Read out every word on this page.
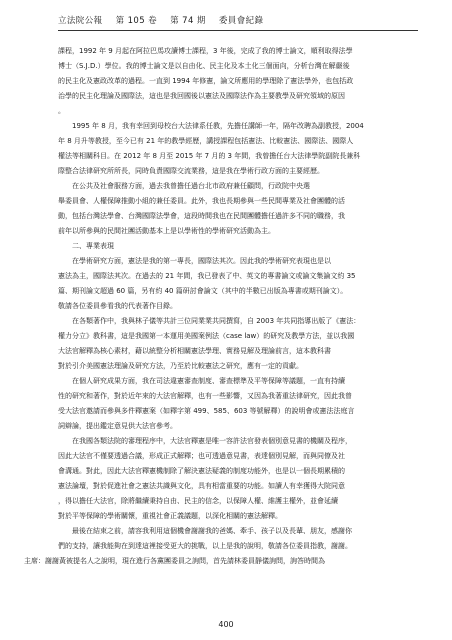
立法院公報 第 105 卷 第 74 期 委員會紀錄
課程，1992 年 9 月起在阿拉巴馬攻讀博士課程，3 年後，完成了我的博士論文，順利取得法學
博士（S.J.D.）學位。我的博士論文是以自由化、民主化及本土化三個面向，分析台灣在解嚴後
的民主化及憲政改革的過程。一直到 1994 年修憲，論文所應用的學理除了憲法學外，也包括政
治學的民主化理論及國際法，這也是我回國後以憲法及國際法作為主要教學及研究領域的原因
。
1995 年 8 月，我有幸回到母校台大法律系任教，先擔任講師一年，隔年改聘為副教授，2004
年 8 月升等教授，至今已有 21 年的教學經歷，講授課程包括憲法、比較憲法、國際法、國際人
權法等相關科目。在 2012 年 8 月至 2015 年 7 月的 3 年間，我曾擔任台大法律學院副院長兼科
際整合法律研究所所長，同時負責國際交流業務，這是我在學術行政方面的主要經歷。
在公共及社會服務方面，過去我曾擔任過台北市政府兼任顧問，行政院中央選
舉委員會、人權保障推動小組的兼任委員。此外，我也長期參與一些民間專業及社會團體的活
動，包括台灣法學會、台灣國際法學會，這段時間我也在民間團體擔任過許多不同的職務，我
前年以所參與的民間社團活動基本上是以學術性的學術研究活動為主。
二、專業表現
在學術研究方面，憲法是我的第一專長，國際法其次。因此我的學術研究表現也是以
憲法為主，國際法其次。在過去的 21 年間，我已發表了中、英文的專書論文或論文集論文約 35
篇、期刊論文超過 60 篇，另有約 40 篇研討會論文（其中的半數已出版為專書或期刊論文）。
敬請各位委員參看我的代表著作目錄。
在各類著作中，我與林子儀等共計三位同業業共同撰寫，自 2003 年共同指導出版了《憲法：
權力分立》教科書，這是我國第一本運用美國案例法（case law）的研究及教學方法，並以我國
大法官解釋為核心素材，藉以統整分析相關憲法學理、實務見解及理論前言，這本教科書
對於引介美國憲法理論及研究方法，乃至於比較憲法之研究，應有一定的貢獻。
在個人研究成果方面，我在司法違憲審查制度、審查標準及平等保障等議題，一直有持續
性的研究和著作，對於近年來的大法官解釋，也有一些影響，又因為我著重法律研究，因此我曾
受大法官邀請而參與多件釋憲案（如釋字第 499、585、603 等號解釋）的說明會或憲法法庭言
詞辯論，提出鑑定意見供大法官參考。
在我國各類法院的審理程序中，大法官釋憲是唯一容許法官發表個別意見書的機關及程序，
因此大法官不僅要透過合議，形成正式解釋；也可透過意見書，表達個別見解，而與同僚及社
會溝通。對此，因此大法官釋憲機制除了解決憲法疑義的制度功能外，也是以一個長期累積的
憲法論壇，對於促進社會之憲法共識與文化，具有相當重要的功能。如讀人有幸獲得大院同意
，得以擔任大法官，除將繼續秉持自由、民主的信念，以保障人權、維護主權外，並會延續
對於平等保障的學術關懷，重視社會正義議題，以深化相關的憲法解釋。
最後在結束之前，請容我利用這個機會謝謝我的爸媽、牽手、孩子以及長輩、朋友，感謝你
們的支持，讓我能夠在到達這裡接受更大的挑戰，以上是我的說明，敬請各位委員指教，謝謝。
主席：謝謝黃被提名人之說明，現在進行各黨團委員之詢問，首先請林委員靜儀詢問，詢答時間為
400
